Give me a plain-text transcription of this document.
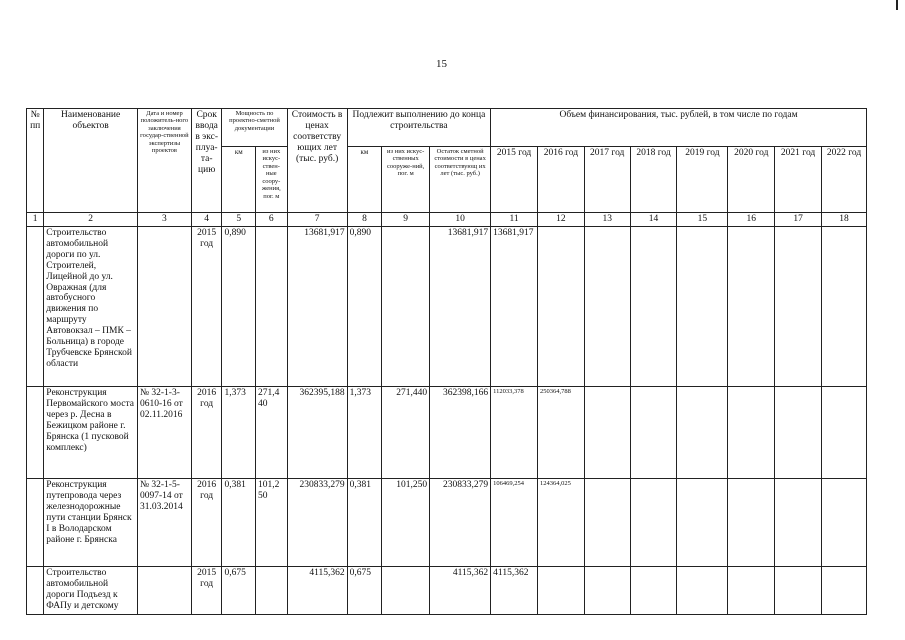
15
№ пп	Наименование объектов	Дата и номер положитель-ного заключения государ-ственной экспертизы проектов	Срок ввода в экс-плуа-та-цию	Мощность по проектно-сметной документации		Стоимость в ценах соответству ющих лет (тыс. руб.)	Подлежит выполнению до конца строительства			Объем финансирования, тыс. рублей, в том числе по годам							
				км	из них искус-ствен-ные соору-жения, пог. м		км	из них искус-ственных сооруже-ний, пог. м	Остаток сметной стоимости в ценах соответствующ их лет (тыс. руб.)	2015 год	2016 год	2017 год	2018 год	2019 год	2020 год	2021 год	2022 год
1	2	3	4	5	6	7	8	9	10	11	12	13	14	15	16	17	18
	Строительство автомобильной дороги по ул. Строителей, Лицейной до ул. Овражная (для автобусного движения по маршруту Автовокзал – ПМК – Больница) в городе Трубчевске Брянской области		2015 год	0,890		13681,917	0,890		13681,917	13681,917							
	Реконструкция Первомайского моста через р. Десна в Бежицком районе г. Брянска (1 пусковой комплекс)	№ 32-1-3-0610-16 от 02.11.2016	2016 год	1,373	271,4 40	362395,188	1,373	271,440	362398,166	112033,378	250364,788						
	Реконструкция путепровода через железнодорожные пути станции Брянск I в Володарском районе г. Брянска	№ 32-1-5-0097-14 от 31.03.2014	2016 год	0,381	101,2 50	230833,279	0,381	101,250	230833,279	106469,254	124364,025						
	Строительство автомобильной дороги Подъезд к ФАПу и детскому		2015 год	0,675		4115,362	0,675		4115,362	4115,362							
